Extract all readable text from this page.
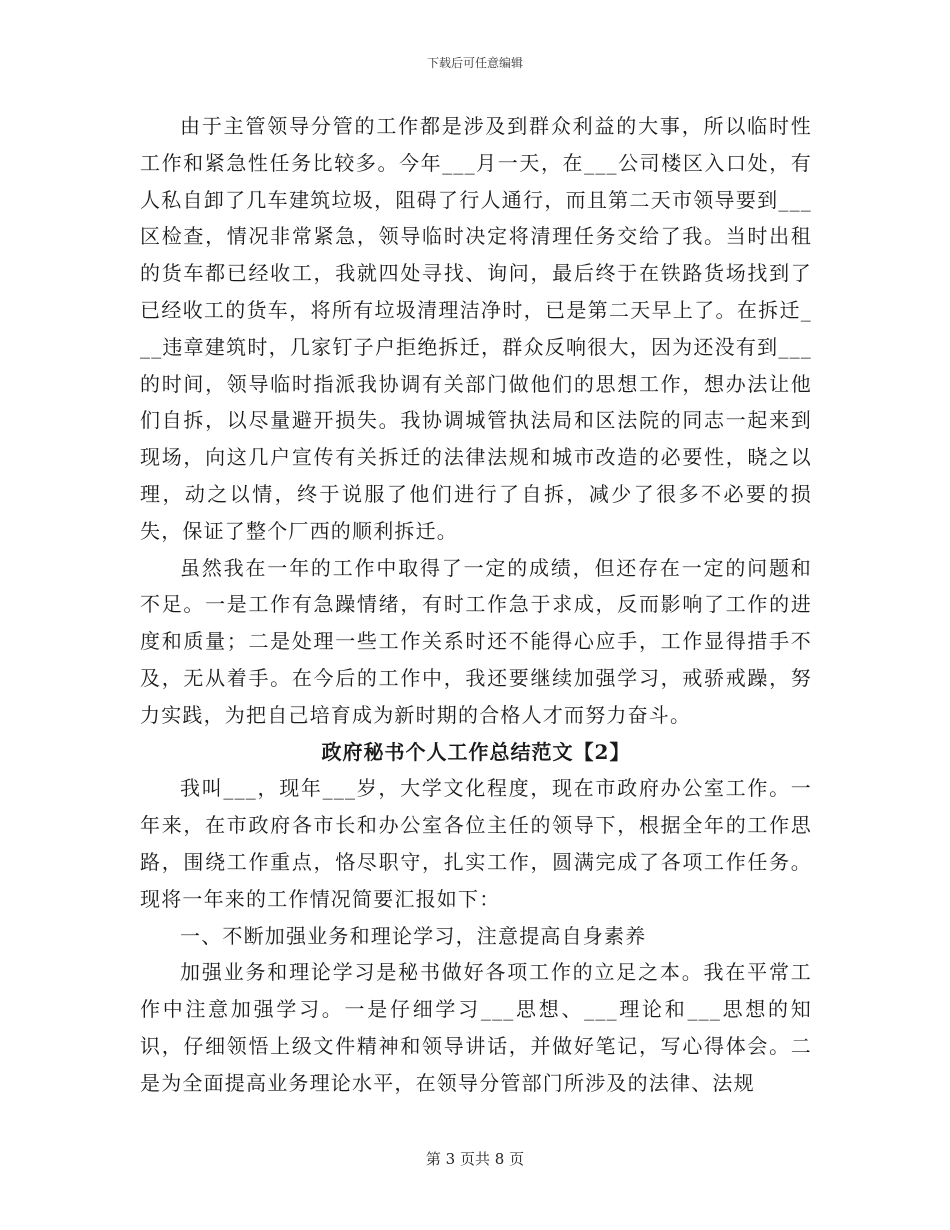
下载后可任意编辑

由于主管领导分管的工作都是涉及到群众利益的大事，所以临时性工作和紧急性任务比较多。今年___月一天，在___公司楼区入口处，有人私自卸了几车建筑垃圾，阻碍了行人通行，而且第二天市领导要到___区检查，情况非常紧急，领导临时决定将清理任务交给了我。当时出租的货车都已经收工，我就四处寻找、询问，最后终于在铁路货场找到了已经收工的货车，将所有垃圾清理洁净时，已是第二天早上了。在拆迁___违章建筑时，几家钉子户拒绝拆迁，群众反响很大，因为还没有到___的时间，领导临时指派我协调有关部门做他们的思想工作，想办法让他们自拆，以尽量避开损失。我协调城管执法局和区法院的同志一起来到现场，向这几户宣传有关拆迁的法律法规和城市改造的必要性，晓之以理，动之以情，终于说服了他们进行了自拆，减少了很多不必要的损失，保证了整个厂西的顺利拆迁。

虽然我在一年的工作中取得了一定的成绩，但还存在一定的问题和不足。一是工作有急躁情绪，有时工作急于求成，反而影响了工作的进度和质量；二是处理一些工作关系时还不能得心应手，工作显得措手不及，无从着手。在今后的工作中，我还要继续加强学习，戒骄戒躁，努力实践，为把自己培育成为新时期的合格人才而努力奋斗。

政府秘书个人工作总结范文【2】

我叫___，现年___岁，大学文化程度，现在市政府办公室工作。一年来，在市政府各市长和办公室各位主任的领导下，根据全年的工作思路，围绕工作重点，恪尽职守，扎实工作，圆满完成了各项工作任务。现将一年来的工作情况简要汇报如下：

一、不断加强业务和理论学习，注意提高自身素养

加强业务和理论学习是秘书做好各项工作的立足之本。我在平常工作中注意加强学习。一是仔细学习___思想、___理论和___思想的知识，仔细领悟上级文件精神和领导讲话，并做好笔记，写心得体会。二是为全面提高业务理论水平，在领导分管部门所涉及的法律、法规

第 3 页共 8 页
